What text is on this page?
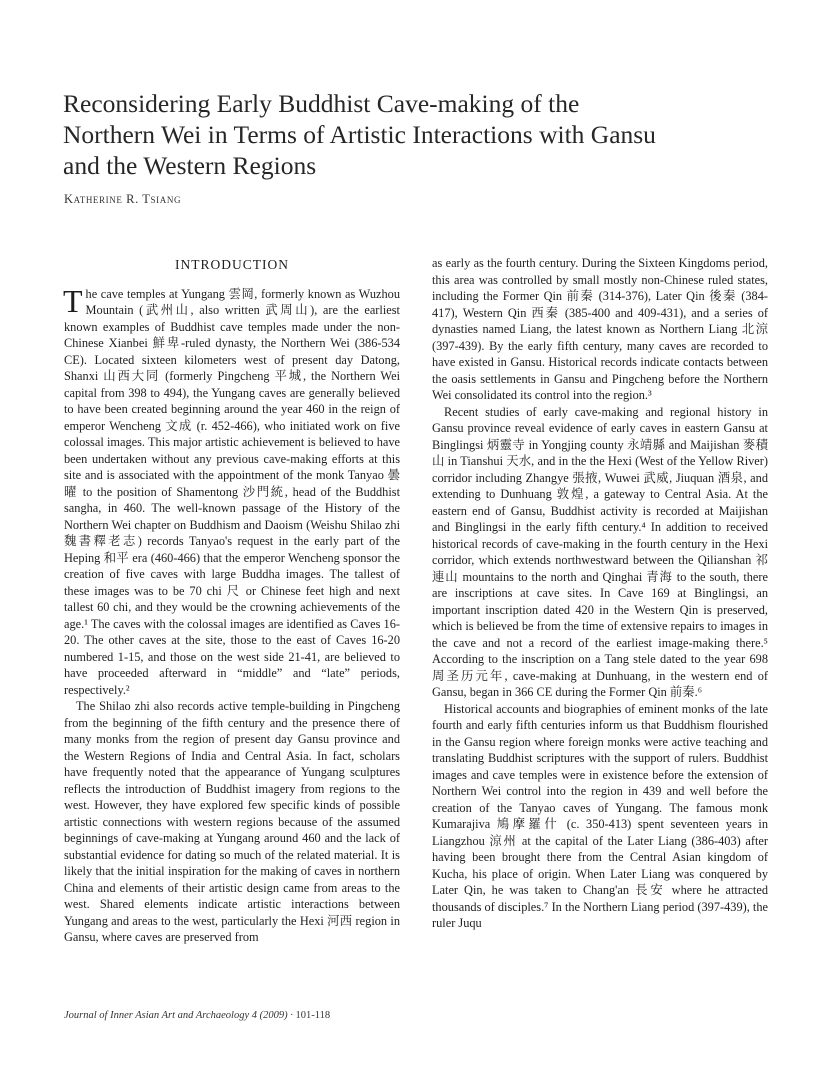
Reconsidering Early Buddhist Cave-making of the
Northern Wei in Terms of Artistic Interactions with Gansu
and the Western Regions
Katherine R. Tsiang
INTRODUCTION

The cave temples at Yungang 雲岡, formerly known as Wuzhou Mountain (武州山, also written 武周山), are the earliest known examples of Buddhist cave temples made under the non-Chinese Xianbei 鮮卑-ruled dynasty, the Northern Wei (386-534 CE). Located sixteen kilometers west of present day Datong, Shanxi 山西大同 (formerly Pingcheng 平城, the Northern Wei capital from 398 to 494), the Yungang caves are generally believed to have been created beginning around the year 460 in the reign of emperor Wencheng 文成 (r. 452-466), who initiated work on five colossal images. This major artistic achievement is believed to have been undertaken without any previous cave-making efforts at this site and is associated with the appointment of the monk Tanyao 曇曜 to the position of Shamentong 沙門統, head of the Buddhist sangha, in 460. The well-known passage of the History of the Northern Wei chapter on Buddhism and Daoism (Weishu Shilao zhi 魏書釋老志) records Tanyao's request in the early part of the Heping 和平 era (460-466) that the emperor Wencheng sponsor the creation of five caves with large Buddha images. The tallest of these images was to be 70 chi 尺 or Chinese feet high and next tallest 60 chi, and they would be the crowning achievements of the age.¹ The caves with the colossal images are identified as Caves 16-20. The other caves at the site, those to the east of Caves 16-20 numbered 1-15, and those on the west side 21-41, are believed to have proceeded afterward in “middle” and “late” periods, respectively.²

The Shilao zhi also records active temple-building in Pingcheng from the beginning of the fifth century and the presence there of many monks from the region of present day Gansu province and the Western Regions of India and Central Asia. In fact, scholars have frequently noted that the appearance of Yungang sculptures reflects the introduction of Buddhist imagery from regions to the west. However, they have explored few specific kinds of possible artistic connections with western regions because of the assumed beginnings of cave-making at Yungang around 460 and the lack of substantial evidence for dating so much of the related material. It is likely that the initial inspiration for the making of caves in northern China and elements of their artistic design came from areas to the west. Shared elements indicate artistic interactions between Yungang and areas to the west, particularly the Hexi 河西 region in Gansu, where caves are preserved from

as early as the fourth century. During the Sixteen Kingdoms period, this area was controlled by small mostly non-Chinese ruled states, including the Former Qin 前秦 (314-376), Later Qin 後秦 (384-417), Western Qin 西秦 (385-400 and 409-431), and a series of dynasties named Liang, the latest known as Northern Liang 北涼 (397-439). By the early fifth century, many caves are recorded to have existed in Gansu. Historical records indicate contacts between the oasis settlements in Gansu and Pingcheng before the Northern Wei consolidated its control into the region.³

Recent studies of early cave-making and regional history in Gansu province reveal evidence of early caves in eastern Gansu at Binglingsi 炳靈寺 in Yongjing county 永靖縣 and Maijishan 麥積山 in Tianshui 天水, and in the the Hexi (West of the Yellow River) corridor including Zhangye 張掖, Wuwei 武威, Jiuquan 酒泉, and extending to Dunhuang 敦煌, a gateway to Central Asia. At the eastern end of Gansu, Buddhist activity is recorded at Maijishan and Binglingsi in the early fifth century.⁴ In addition to received historical records of cave-making in the fourth century in the Hexi corridor, which extends northwestward between the Qilianshan 祁連山 mountains to the north and Qinghai 青海 to the south, there are inscriptions at cave sites. In Cave 169 at Binglingsi, an important inscription dated 420 in the Western Qin is preserved, which is believed be from the time of extensive repairs to images in the cave and not a record of the earliest image-making there.⁵ According to the inscription on a Tang stele dated to the year 698 周圣历元年, cave-making at Dunhuang, in the western end of Gansu, began in 366 CE during the Former Qin 前秦.⁶

Historical accounts and biographies of eminent monks of the late fourth and early fifth centuries inform us that Buddhism flourished in the Gansu region where foreign monks were active teaching and translating Buddhist scriptures with the support of rulers. Buddhist images and cave temples were in existence before the extension of Northern Wei control into the region in 439 and well before the creation of the Tanyao caves of Yungang. The famous monk Kumarajiva 鳩摩羅什 (c. 350-413) spent seventeen years in Liangzhou 涼州 at the capital of the Later Liang (386-403) after having been brought there from the Central Asian kingdom of Kucha, his place of origin. When Later Liang was conquered by Later Qin, he was taken to Chang'an 長安 where he attracted thousands of disciples.⁷ In the Northern Liang period (397-439), the ruler Juqu

Journal of Inner Asian Art and Archaeology 4 (2009) · 101-118
